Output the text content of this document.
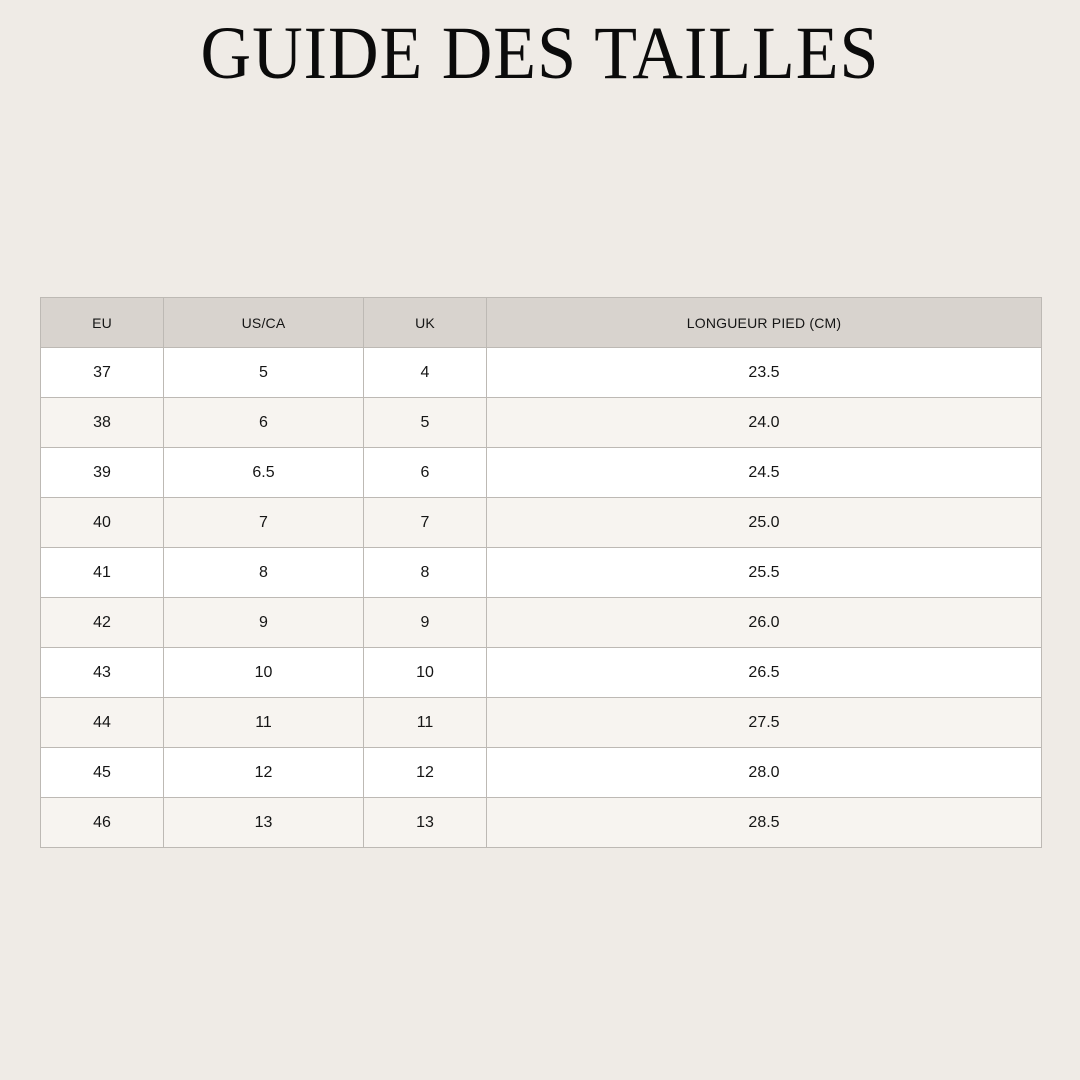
GUIDE DES TAILLES
EU	US/CA	UK	LONGUEUR PIED (CM)
37	5	4	23.5
38	6	5	24.0
39	6.5	6	24.5
40	7	7	25.0
41	8	8	25.5
42	9	9	26.0
43	10	10	26.5
44	11	11	27.5
45	12	12	28.0
46	13	13	28.5
